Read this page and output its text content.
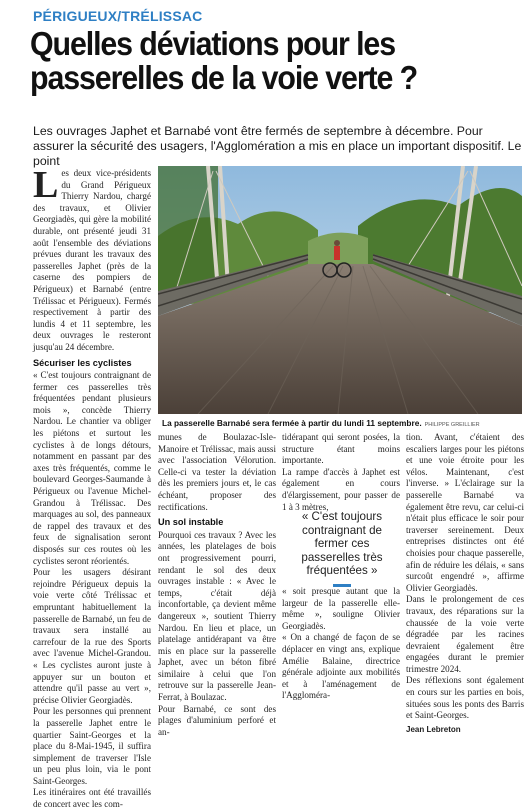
PÉRIGUEUX/TRÉLISSAC
Quelles déviations pour les passerelles de la voie verte ?

Les ouvrages Japhet et Barnabé vont être fermés de septembre à décembre. Pour assurer la sécurité des usagers, l'Agglomération a mis en place un important dispositif. Le point

Les deux vice-présidents du Grand Périgueux Thierry Nardou, chargé des travaux, et Olivier Georgiadès, qui gère la mobilité durable, ont présenté jeudi 31 août l'ensemble des déviations prévues durant les travaux des passerelles Japhet (près de la caserne des pompiers de Périgueux) et Barnabé (entre Trélissac et Périgueux). Fermés respectivement à partir des lundis 4 et 11 septembre, les deux ouvrages le resteront jusqu'au 24 décembre.

Sécuriser les cyclistes

« C'est toujours contraignant de fermer ces passerelles très fréquentées pendant plusieurs mois », concède Thierry Nardou. Le chantier va obliger les piétons et surtout les cyclistes à de longs détours, notamment en passant par des axes très fréquentés, comme le boulevard Georges-Saumande à Périgueux ou l'avenue Michel-Grandou à Trélissac. Des marquages au sol, des panneaux de rappel des travaux et des feux de signalisation seront disposés sur ces routes où les cyclistes seront réorientés.

Pour les usagers désirant rejoindre Périgueux depuis la voie verte côté Trélissac et empruntant habituellement la passerelle de Barnabé, un feu de travaux sera installé au carrefour de la rue des Sports avec l'avenue Michel-Grandou. « Les cyclistes auront juste à appuyer sur un bouton et attendre qu'il passe au vert », précise Olivier Georgiadès.

Pour les personnes qui prennent la passerelle Japhet entre le quartier Saint-Georges et la place du 8-Mai-1945, il suffira simplement de traverser l'Isle un peu plus loin, via le pont Saint-Georges.

Les itinéraires ont été travaillés de concert avec les com-

La passerelle Barnabé sera fermée à partir du lundi 11 septembre. PHILIPPE GREILLIER

munes de Boulazac-Isle-Manoire et Trélissac, mais aussi avec l'association Vélorution. Celle-ci va tester la déviation dès les premiers jours et, le cas échéant, proposer des rectifications.

Un sol instable

Pourquoi ces travaux ? Avec les années, les platelages de bois ont progressivement pourri, rendant le sol des deux ouvrages instable : « Avec le temps, c'était déjà inconfortable, ça devient même dangereux », soutient Thierry Nardou. En lieu et place, un platelage antidérapant va être mis en place sur la passerelle Japhet, avec un béton fibré similaire à celui que l'on retrouve sur la passerelle Jean-Ferrat, à Boulazac.

Pour Barnabé, ce sont des plages d'aluminium perforé et an-

tidérapant qui seront posées, la structure étant moins importante.

La rampe d'accès à Japhet est également en cours d'élargissement, pour passer de 1 à 3 mètres,

« C'est toujours contraignant de fermer ces passerelles très fréquentées »

« soit presque autant que la largeur de la passerelle elle-même », souligne Olivier Georgiadès.

« On a changé de façon de se déplacer en vingt ans, explique Amélie Balaine, directrice générale adjointe aux mobilités et à l'aménagement de l'Aggloméra-

tion. Avant, c'étaient des escaliers larges pour les piétons et une voie étroite pour les vélos. Maintenant, c'est l'inverse. » L'éclairage sur la passerelle Barnabé va également être revu, car celui-ci n'était plus efficace le soir pour traverser sereinement. Deux entreprises distinctes ont été choisies pour chaque passerelle, afin de réduire les délais, « sans surcoût engendré », affirme Olivier Georgiadès.

Dans le prolongement de ces travaux, des réparations sur la chaussée de la voie verte dégradée par les racines devraient également être engagées durant le premier trimestre 2024.

Des réflexions sont également en cours sur les parties en bois, situées sous les ponts des Barris et Saint-Georges.

Jean Lebreton
